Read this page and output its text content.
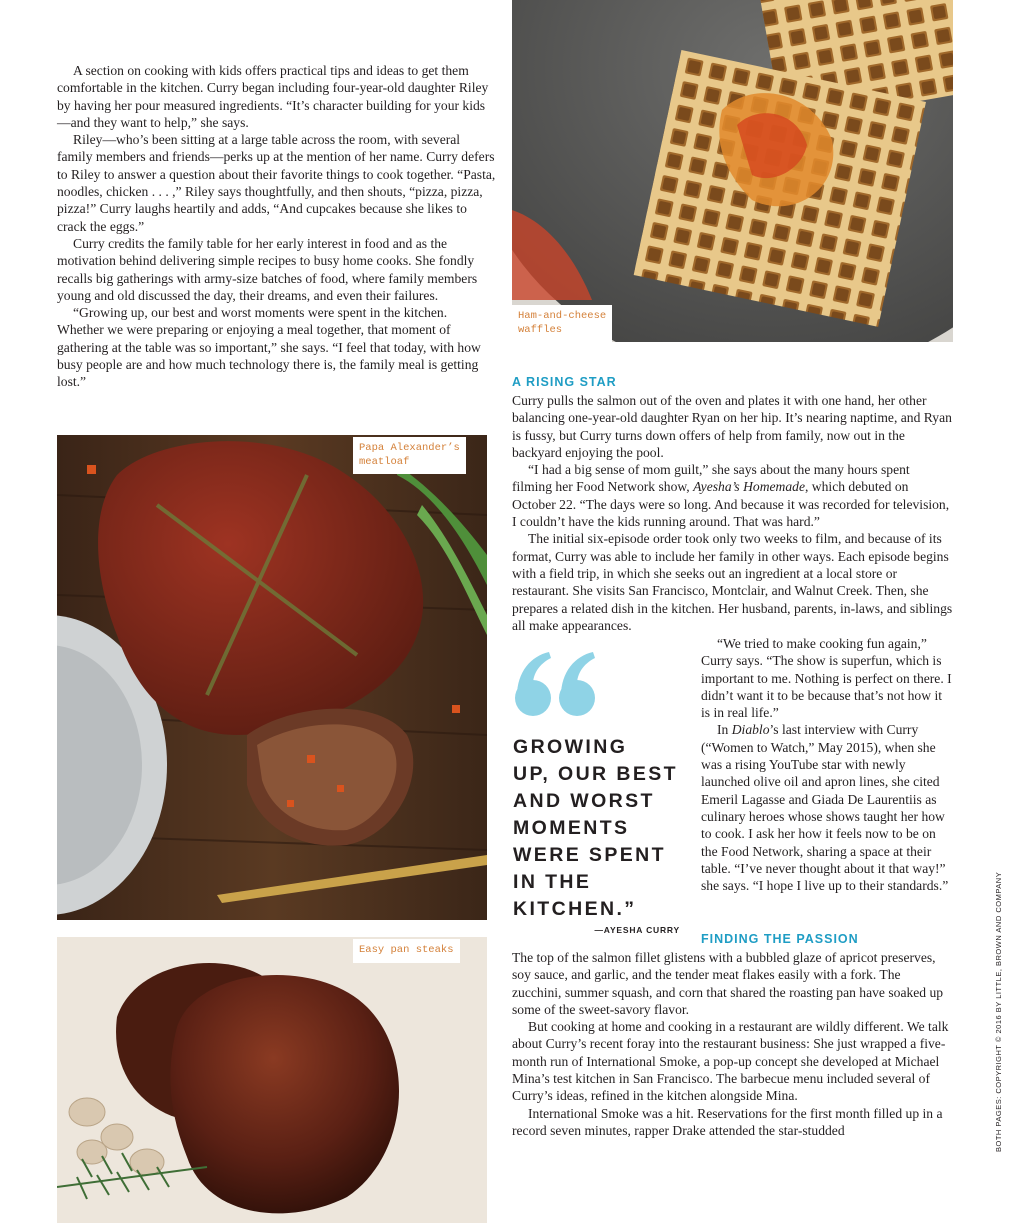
A section on cooking with kids offers practical tips and ideas to get them comfortable in the kitchen. Curry began including four-year-old daughter Riley by having her pour measured ingredients. “It’s character building for your kids—and they want to help,” she says.

Riley—who’s been sitting at a large table across the room, with several family members and friends—perks up at the mention of her name. Curry defers to Riley to answer a question about their favorite things to cook together. “Pasta, noodles, chicken . . . ,” Riley says thoughtfully, and then shouts, “pizza, pizza, pizza!” Curry laughs heartily and adds, “And cupcakes because she likes to crack the eggs.”

Curry credits the family table for her early interest in food and as the motivation behind delivering simple recipes to busy home cooks. She fondly recalls big gatherings with army-size batches of food, where family members young and old discussed the day, their dreams, and even their failures.

“Growing up, our best and worst moments were spent in the kitchen. Whether we were preparing or enjoying a meal together, that moment of gathering at the table was so important,” she says. “I feel that today, with how busy people are and how much technology there is, the family meal is getting lost.”

Ham-and-cheese
waffles
A RISING STAR

Curry pulls the salmon out of the oven and plates it with one hand, her other balancing one-year-old daughter Ryan on her hip. It’s nearing naptime, and Ryan is fussy, but Curry turns down offers of help from family, now out in the backyard enjoying the pool.

“I had a big sense of mom guilt,” she says about the many hours spent filming her Food Network show, Ayesha’s Homemade, which debuted on October 22. “The days were so long. And because it was recorded for television, I couldn’t have the kids running around. That was hard.”

The initial six-episode order took only two weeks to film, and because of its format, Curry was able to include her family in other ways. Each episode begins with a field trip, in which she seeks out an ingredient at a local store or restaurant. She visits San Francisco, Montclair, and Walnut Creek. Then, she prepares a related dish in the kitchen. Her husband, parents, in-laws, and siblings all make appearances.

GROWING
UP, OUR BEST
AND WORST
MOMENTS
WERE SPENT
IN THE
KITCHEN.”
—AYESHA CURRY

“We tried to make cooking fun again,” Curry says. “The show is superfun, which is important to me. Nothing is perfect on there. I didn’t want it to be because that’s not how it is in real life.”

In Diablo’s last interview with Curry (“Women to Watch,” May 2015), when she was a rising YouTube star with newly launched olive oil and apron lines, she cited Emeril Lagasse and Giada De Laurentiis as culinary heroes whose shows taught her how to cook. I ask her how it feels now to be on the Food Network, sharing a space at their table. “I’ve never thought about it that way!” she says. “I hope I live up to their standards.”

FINDING THE PASSION

The top of the salmon fillet glistens with a bubbled glaze of apricot preserves, soy sauce, and garlic, and the tender meat flakes easily with a fork. The zucchini, summer squash, and corn that shared the roasting pan have soaked up some of the sweet-savory flavor.

But cooking at home and cooking in a restaurant are wildly different. We talk about Curry’s recent foray into the restaurant business: She just wrapped a five-month run of International Smoke, a pop-up concept she developed at Michael Mina’s test kitchen in San Francisco. The barbecue menu included several of Curry’s ideas, refined in the kitchen alongside Mina.

International Smoke was a hit. Reservations for the first month filled up in a record seven minutes, rapper Drake attended the star-studded

Papa Alexander’s
meatloaf
Easy pan steaks	BOTH PAGES: COPYRIGHT © 2016 BY LITTLE, BROWN AND COMPANY
